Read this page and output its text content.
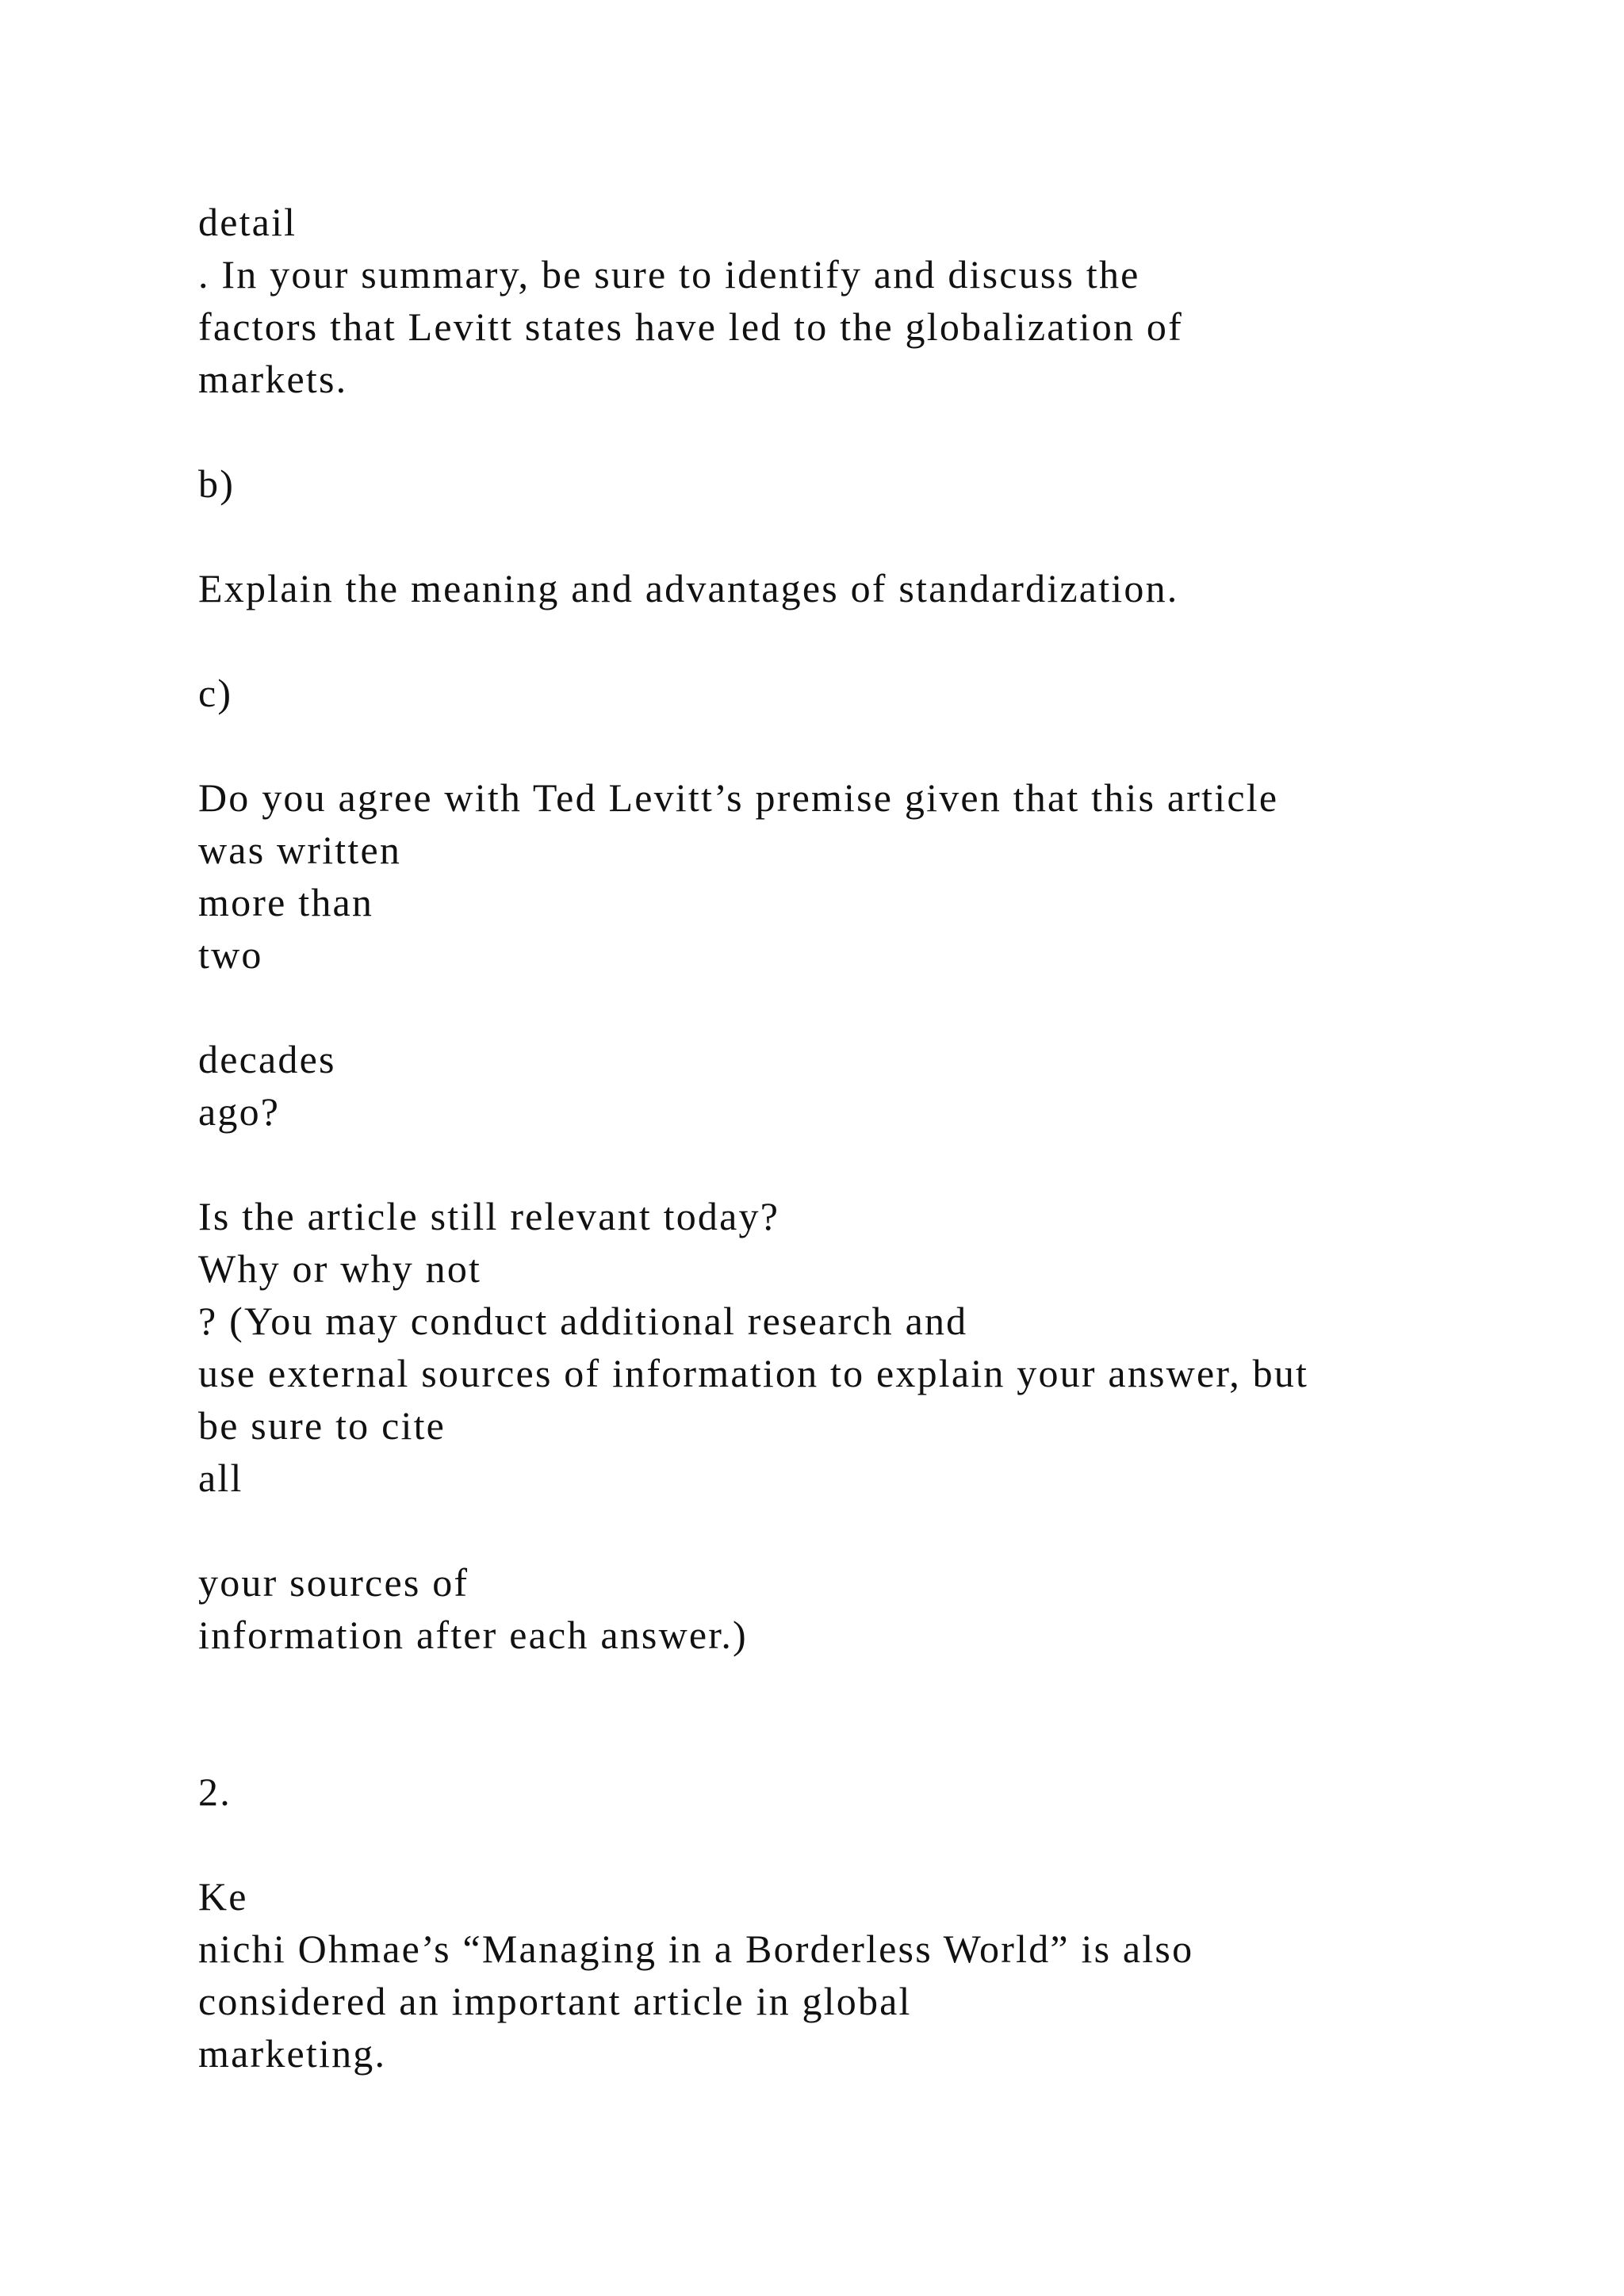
detail
. In your summary, be sure to identify and discuss the
factors that Levitt states have led to the globalization of
markets.
b)
Explain the meaning and advantages of standardization.
c)
Do you agree with Ted Levitt’s premise given that this article
was written
more than
two
decades
ago?
Is the article still relevant today?
Why or why not
? (You may conduct additional research and
use external sources of information to explain your answer, but
be sure to cite
all
your sources of
information after each answer.)
2.
Ke
nichi Ohmae’s “Managing in a Borderless World” is also
considered an important article in global
marketing.
